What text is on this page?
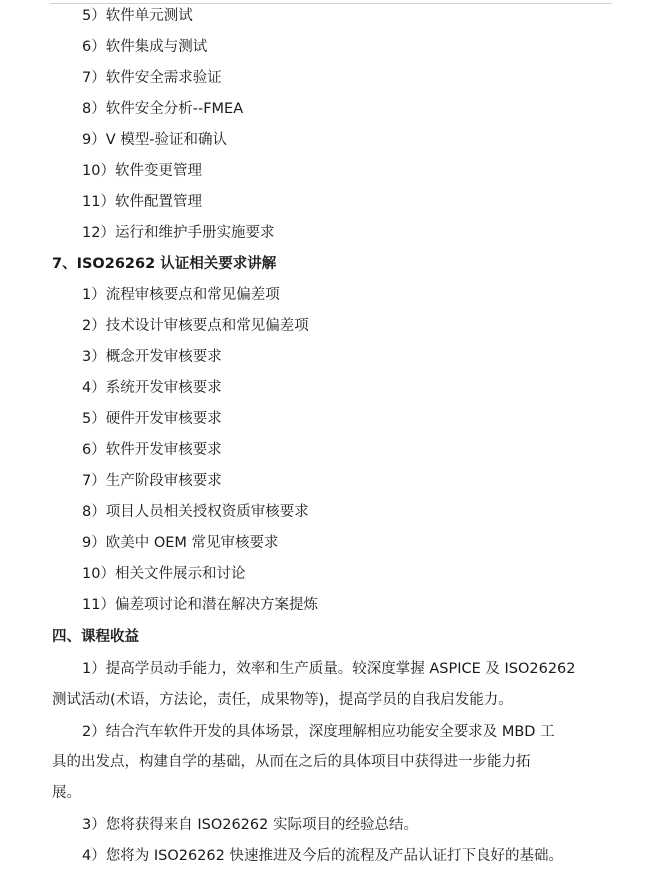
5）软件单元测试
6）软件集成与测试
7）软件安全需求验证
8）软件安全分析--FMEA
9）V 模型-验证和确认
10）软件变更管理
11）软件配置管理
12）运行和维护手册实施要求
7、ISO26262 认证相关要求讲解
1）流程审核要点和常见偏差项
2）技术设计审核要点和常见偏差项
3）概念开发审核要求
4）系统开发审核要求
5）硬件开发审核要求
6）软件开发审核要求
7）生产阶段审核要求
8）项目人员相关授权资质审核要求
9）欧美中 OEM 常见审核要求
10）相关文件展示和讨论
11）偏差项讨论和潜在解决方案提炼
四、课程收益
1）提高学员动手能力，效率和生产质量。较深度掌握 ASPICE 及 ISO26262
测试活动(术语，方法论，责任，成果物等)，提高学员的自我启发能力。
2）结合汽车软件开发的具体场景，深度理解相应功能安全要求及 MBD 工
具的出发点，构建自学的基础，从而在之后的具体项目中获得进一步能力拓
展。
3）您将获得来自 ISO26262 实际项目的经验总结。
4）您将为 ISO26262 快速推进及今后的流程及产品认证打下良好的基础。
